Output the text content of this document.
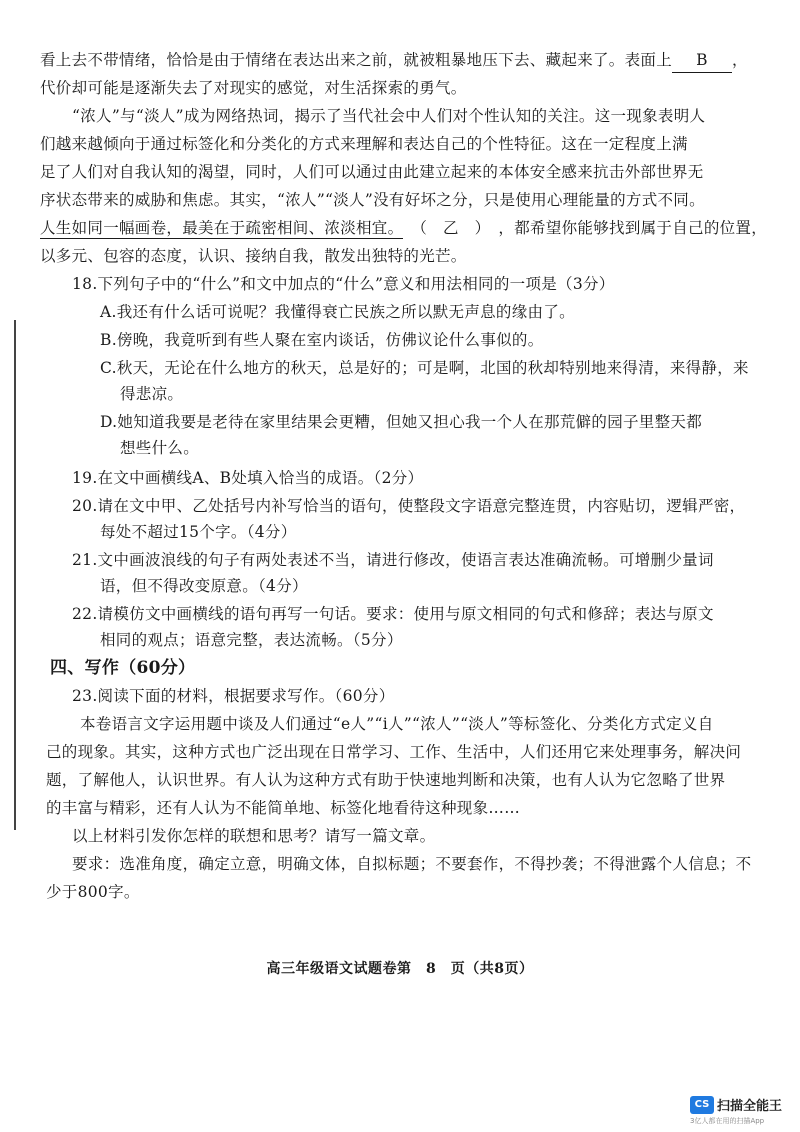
看上去不带情绪，恰恰是由于情绪在表达出来之前，就被粗暴地压下去、藏起来了。表面上 B ，
代价却可能是逐渐失去了对现实的感觉，对生活探索的勇气。
“浓人”与“淡人”成为网络热词，揭示了当代社会中人们对个性认知的关注。这一现象表明人
们越来越倾向于通过标签化和分类化的方式来理解和表达自己的个性特征。这在一定程度上满
足了人们对自我认知的渴望，同时，人们可以通过由此建立起来的本体安全感来抗击外部世界无
序状态带来的威胁和焦虑。其实，“浓人”“淡人”没有好坏之分，只是使用心理能量的方式不同。
人生如同一幅画卷，最美在于疏密相间、浓淡相宜。 （　乙　） ，都希望你能够找到属于自己的位置，
以多元、包容的态度，认识、接纳自我，散发出独特的光芒。
18.下列句子中的“什么”和文中加点的“什么”意义和用法相同的一项是（3分）
A.我还有什么话可说呢？我懂得衰亡民族之所以默无声息的缘由了。
B.傍晚，我竟听到有些人聚在室内谈话，仿佛议论什么事似的。
C.秋天，无论在什么地方的秋天，总是好的；可是啊，北国的秋却特别地来得清，来得静，来
得悲凉。
D.她知道我要是老待在家里结果会更糟，但她又担心我一个人在那荒僻的园子里整天都
想些什么。
19.在文中画横线A、B处填入恰当的成语。（2分）
20.请在文中甲、乙处括号内补写恰当的语句，使整段文字语意完整连贯，内容贴切，逻辑严密，
每处不超过15个字。（4分）
21.文中画波浪线的句子有两处表述不当，请进行修改，使语言表达准确流畅。可增删少量词
语，但不得改变原意。（4分）
22.请模仿文中画横线的语句再写一句话。要求：使用与原文相同的句式和修辞；表达与原文
相同的观点；语意完整，表达流畅。（5分）
四、写作（60分）
23.阅读下面的材料，根据要求写作。（60分）
本卷语言文字运用题中谈及人们通过“e人”“i人”“浓人”“淡人”等标签化、分类化方式定义自
己的现象。其实，这种方式也广泛出现在日常学习、工作、生活中，人们还用它来处理事务，解决问
题，了解他人，认识世界。有人认为这种方式有助于快速地判断和决策，也有人认为它忽略了世界
的丰富与精彩，还有人认为不能简单地、标签化地看待这种现象……
以上材料引发你怎样的联想和思考？请写一篇文章。
要求：选准角度，确定立意，明确文体，自拟标题；不要套作，不得抄袭；不得泄露个人信息；不
少于800字。
高三年级语文试题卷第　8　页（共8页）
CS 扫描全能王
3亿人都在用的扫描App
